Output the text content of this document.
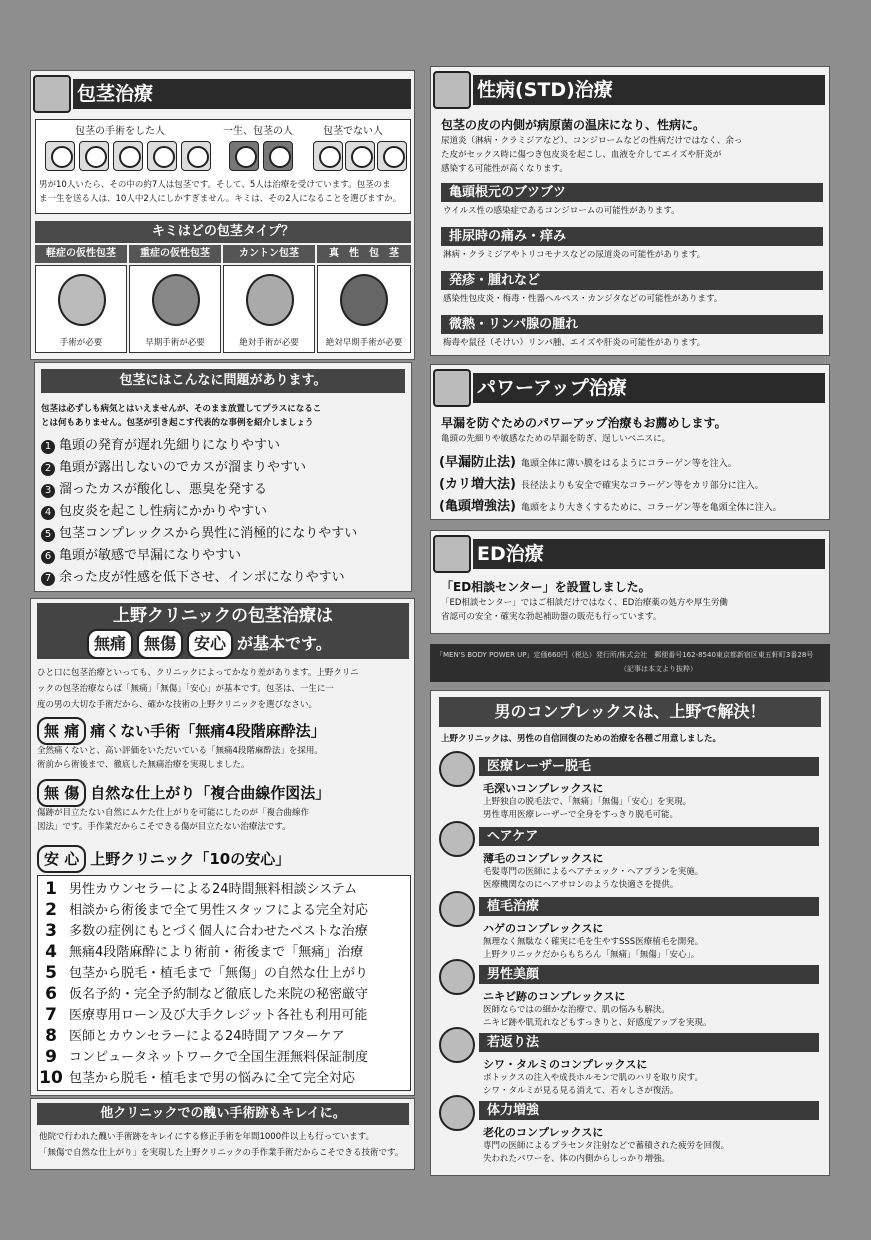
包茎治療
包茎の手術をした人	一生、包茎の人	包茎でない人
男が10人いたら、その中の約7人は包茎です。そして、5人は治療を受けています。包茎のま
ま一生を送る人は、10人中2人にしかすぎません。キミは、その2人になることを選びますか。
キミはどの包茎タイプ？
軽症の仮性包茎	重症の仮性包茎	カントン包茎	真　性　包　茎
手術が必要	早期手術が必要	絶対手術が必要	絶対早期手術が必要
包茎にはこんなに問題があります。
包茎は必ずしも病気とはいえませんが、そのまま放置してプラスになるこ
とは何もありません。包茎が引き起こす代表的な事例を紹介しましょう
1 亀頭の発育が遅れ先細りになりやすい
2 亀頭が露出しないのでカスが溜まりやすい
3 溜ったカスが酸化し、悪臭を発する
4 包皮炎を起こし性病にかかりやすい
5 包茎コンプレックスから異性に消極的になりやすい
6 亀頭が敏感で早漏になりやすい
7 余った皮が性感を低下させ、インポになりやすい
上野クリニックの包茎治療は
無痛 無傷 安心 が基本です。
ひと口に包茎治療といっても、クリニックによってかなり差があります。上野クリニ
ックの包茎治療ならば「無痛」「無傷」「安心」が基本です。包茎は、一生に一
度の男の大切な手術だから、確かな技術の上野クリニックを選びなさい。
無 痛 痛くない手術「無痛4段階麻酔法」
全然痛くないと、高い評価をいただいている「無痛4段階麻酔法」を採用。
術前から術後まで、徹底した無痛治療を実現しました。
無 傷 自然な仕上がり「複合曲線作図法」
傷跡が目立たない自然にムケた仕上がりを可能にしたのが「複合曲線作
図法」です。手作業だからこそできる傷が目立たない治療法です。
安 心 上野クリニック「10の安心」
1 男性カウンセラーによる24時間無料相談システム
2 相談から術後まで全て男性スタッフによる完全対応
3 多数の症例にもとづく個人に合わせたベストな治療
4 無痛4段階麻酔により術前・術後まで「無痛」治療
5 包茎から脱毛・植毛まで「無傷」の自然な仕上がり
6 仮名予約・完全予約制など徹底した来院の秘密厳守
7 医療専用ローン及び大手クレジット各社も利用可能
8 医師とカウンセラーによる24時間アフターケア
9 コンピュータネットワークで全国生涯無料保証制度
10 包茎から脱毛・植毛まで男の悩みに全て完全対応
他クリニックでの醜い手術跡もキレイに。
他院で行われた醜い手術跡をキレイにする修正手術を年間1000件以上も行っています。
「無傷で自然な仕上がり」を実現した上野クリニックの手作業手術だからこそできる技術です。
性病(STD)治療
包茎の皮の内側が病原菌の温床になり、性病に。
尿道炎（淋病・クラミジアなど）、コンジロームなどの性病だけではなく、余っ
た皮がセックス時に傷つき包皮炎を起こし、血液を介してエイズや肝炎が
感染する可能性が高くなります。
亀頭根元のブツブツ
ウイルス性の感染症であるコンジロームの可能性があります。
排尿時の痛み・痒み
淋病・クラミジアやトリコモナスなどの尿道炎の可能性があります。
発疹・腫れなど
感染性包皮炎・梅毒・性器ヘルペス・カンジタなどの可能性があります。
微熱・リンパ腺の腫れ
梅毒や鼠径（そけい）リンパ腫、エイズや肝炎の可能性があります。
パワーアップ治療
早漏を防ぐためのパワーアップ治療もお薦めします。
亀頭の先細りや敏感なための早漏を防ぎ、逞しいペニスに。
(早漏防止法) 亀頭全体に薄い膜をはるようにコラーゲン等を注入。
(カリ増大法) 長径法よりも安全で確実なコラーゲン等をカリ部分に注入。
(亀頭増強法) 亀頭をより大きくするために、コラーゲン等を亀頭全体に注入。
ED治療
「ED相談センター」を設置しました。
「ED相談センター」ではご相談だけではなく、ED治療薬の処方や厚生労働
省認可の安全・確実な勃起補助器の販売も行っています。
「MEN'S BODY POWER UP」定価660円（税込）発行所/株式会社　郵便番号162-8540東京都新宿区東五軒町3番28号
（記事は本文より抜粋）
男のコンプレックスは、上野で解決！
上野クリニックは、男性の自信回復のための治療を各種ご用意しました。
医療レーザー脱毛
毛深いコンプレックスに
上野独自の脱毛法で、「無痛」「無傷」「安心」を実現。
男性専用医療レーザーで全身をすっきり脱毛可能。
ヘアケア
薄毛のコンプレックスに
毛髪専門の医師によるヘアチェック・ヘアプランを実施。
医療機関なのにヘアサロンのような快適さを提供。
植毛治療
ハゲのコンプレックスに
無理なく無駄なく確実に毛を生やすSSS医療植毛を開発。
上野クリニックだからもちろん「無痛」「無傷」「安心」。
男性美顔
ニキビ跡のコンプレックスに
医師ならではの細かな治療で、肌の悩みも解決。
ニキビ跡や肌荒れなどもすっきりと、好感度アップを実現。
若返り法
シワ・タルミのコンプレックスに
ボトックスの注入や成長ホルモンで肌のハリを取り戻す。
シワ・タルミが見る見る消えて、若々しさが復活。
体力増強
老化のコンプレックスに
専門の医師によるプラセンタ注射などで蓄積された疲労を回復。
失われたパワーを、体の内側からしっかり増強。
